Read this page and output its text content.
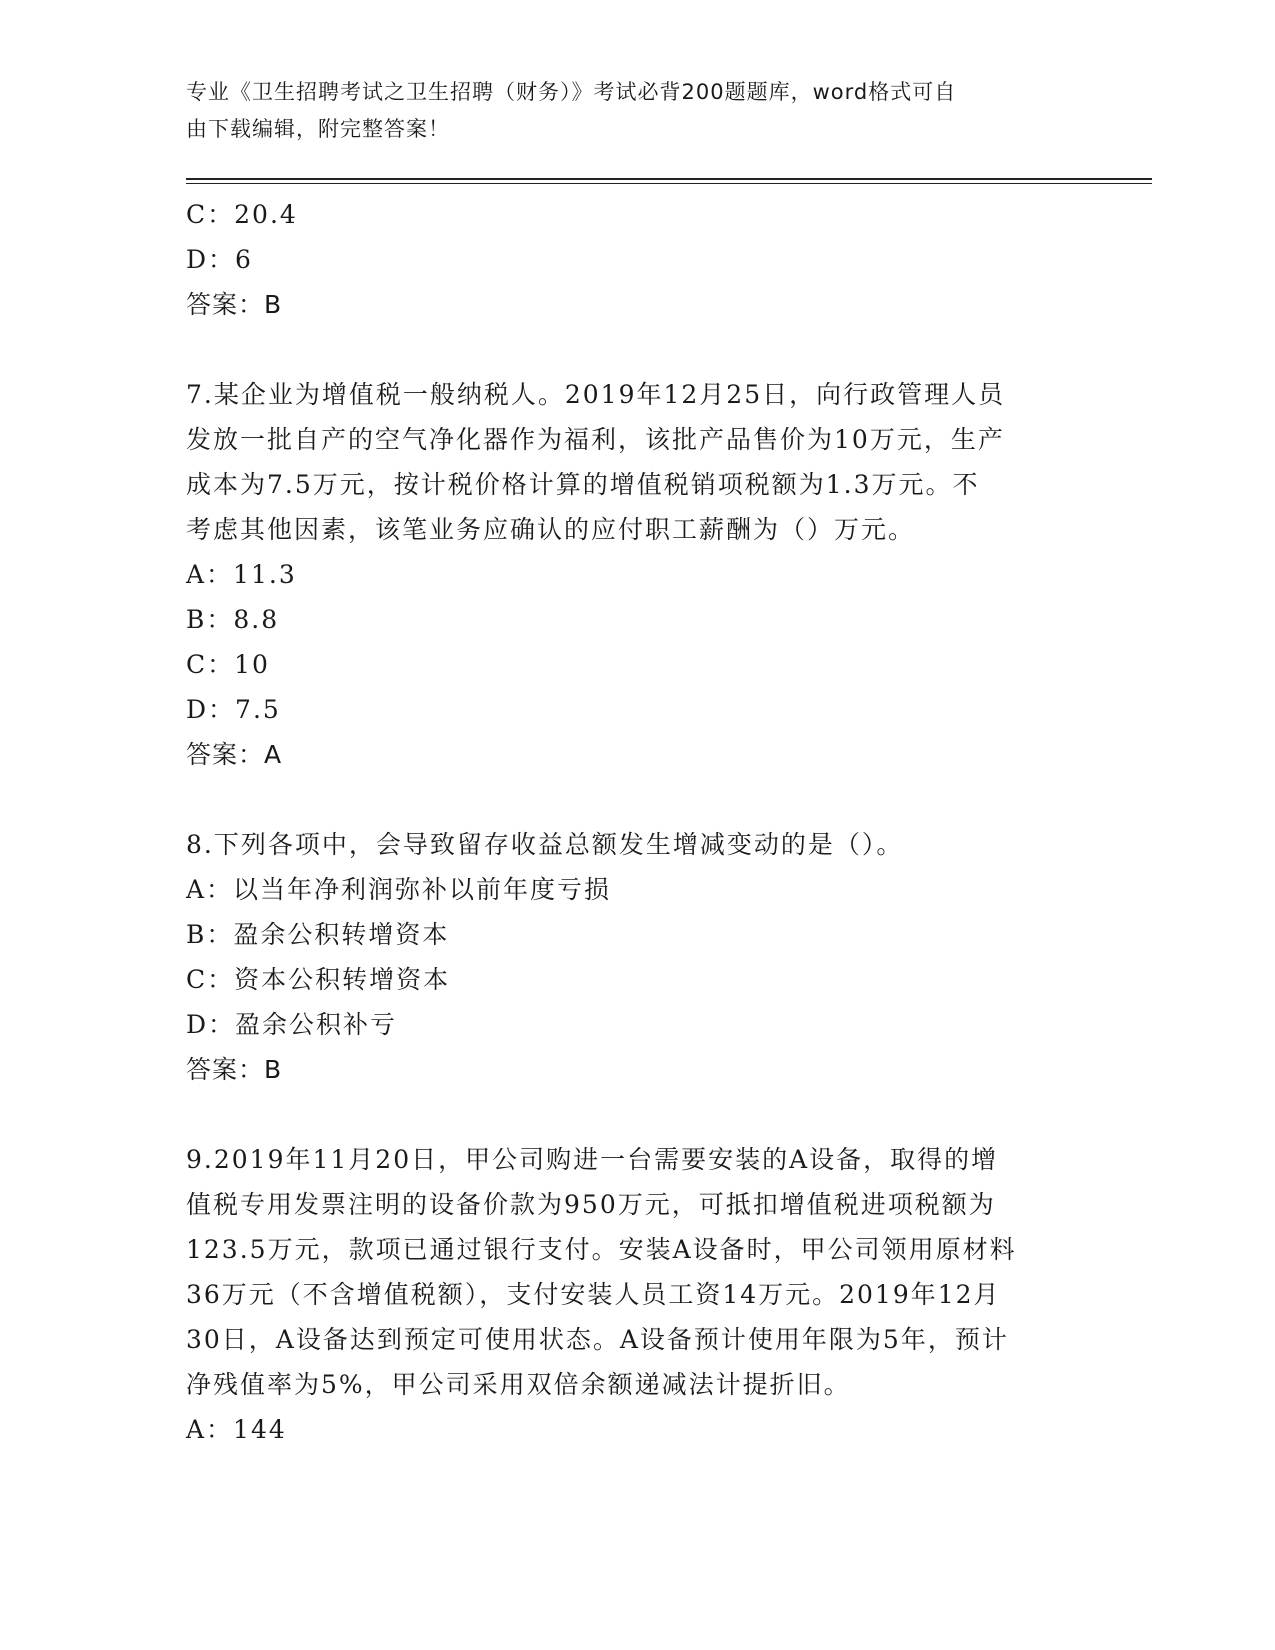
专业《卫生招聘考试之卫生招聘（财务）》考试必背200题题库，word格式可自
由下载编辑，附完整答案！
C：20.4
D：6
答案：B
7.某企业为增值税一般纳税人。2019年12月25日，向行政管理人员
发放一批自产的空气净化器作为福利，该批产品售价为10万元，生产
成本为7.5万元，按计税价格计算的增值税销项税额为1.3万元。不
考虑其他因素，该笔业务应确认的应付职工薪酬为（）万元。
A：11.3
B：8.8
C：10
D：7.5
答案：A
8.下列各项中，会导致留存收益总额发生增减变动的是（）。
A：以当年净利润弥补以前年度亏损
B：盈余公积转增资本
C：资本公积转增资本
D：盈余公积补亏
答案：B
9.2019年11月20日，甲公司购进一台需要安装的A设备，取得的增
值税专用发票注明的设备价款为950万元，可抵扣增值税进项税额为
123.5万元，款项已通过银行支付。安装A设备时，甲公司领用原材料
36万元（不含增值税额），支付安装人员工资14万元。2019年12月
30日，A设备达到预定可使用状态。A设备预计使用年限为5年，预计
净残值率为5%，甲公司采用双倍余额递减法计提折旧。
A：144
